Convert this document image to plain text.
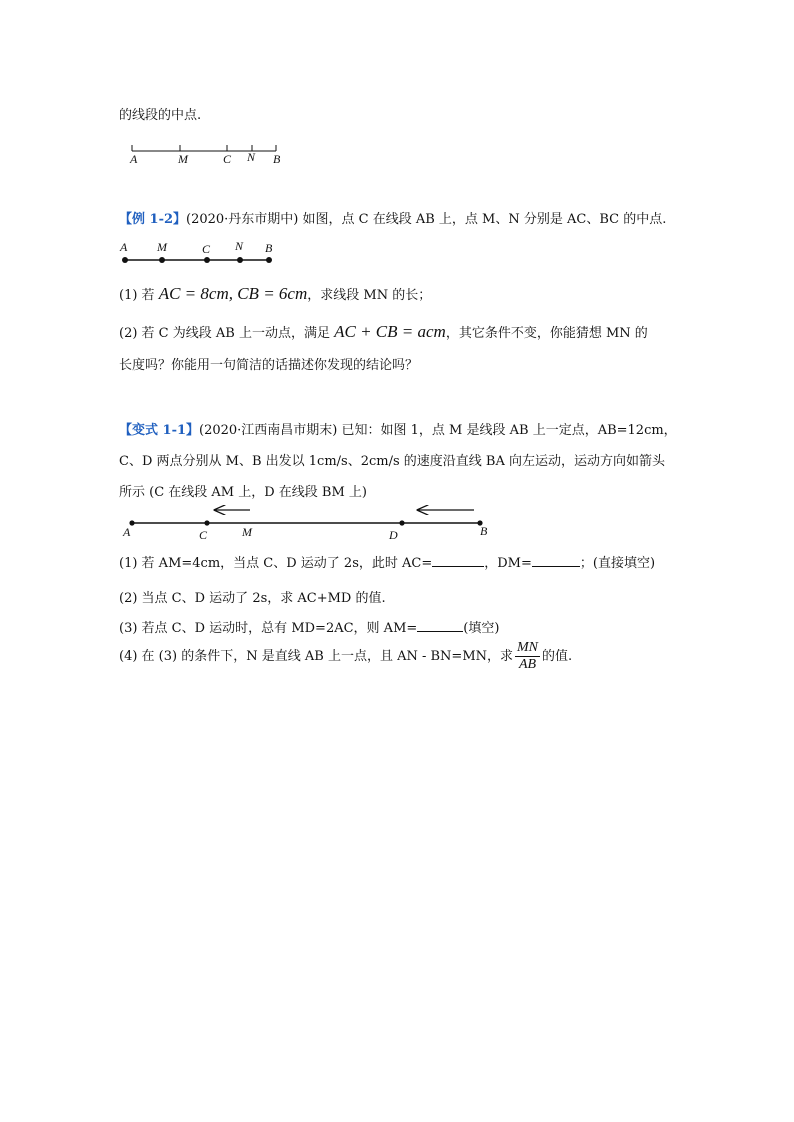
的线段的中点.
A	M	C N B
【例 1-2】(2020·丹东市期中) 如图，点 C 在线段 AB 上，点 M、N 分别是 AC、BC 的中点.
A M	C N B
(1) 若 AC = 8cm, CB = 6cm，求线段 MN 的长；
(2) 若 C 为线段 AB 上一动点，满足 AC + CB = acm，其它条件不变，你能猜想 MN 的
长度吗？你能用一句简洁的话描述你发现的结论吗？
【变式 1-1】(2020·江西南昌市期末) 已知：如图 1，点 M 是线段 AB 上一定点，AB=12cm，
C、D 两点分别从 M、B 出发以 1cm/s、2cm/s 的速度沿直线 BA 向左运动，运动方向如箭头
所示 (C 在线段 AM 上，D 在线段 BM 上)
A	C	M	D	B
(1) 若 AM=4cm，当点 C、D 运动了 2s，此时 AC=	，DM=	；(直接填空)
(2) 当点 C、D 运动了 2s，求 AC+MD 的值.
(3) 若点 C、D 运动时，总有 MD=2AC，则 AM=	(填空)
(4) 在 (3) 的条件下，N 是直线 AB 上一点，且 AN - BN=MN，求 $\frac{MN}{AB}$ 的值.
